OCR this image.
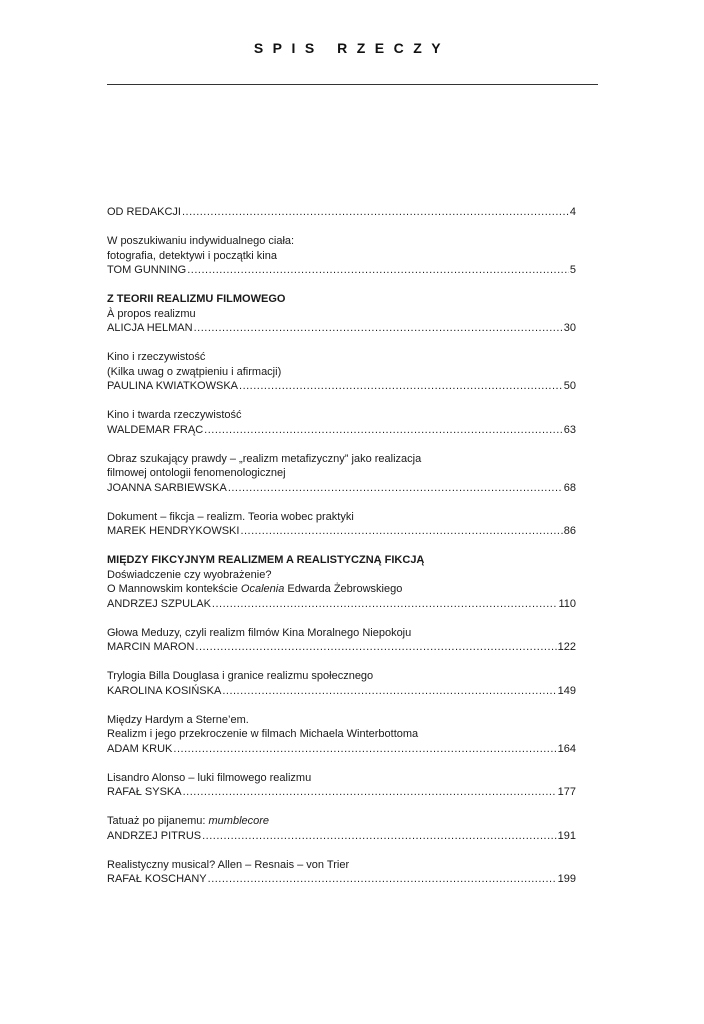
SPIS RZECZY
OD REDAKCJI .....	4
W poszukiwaniu indywidualnego ciała:
fotografia, detektywi i początki kina
TOM GUNNING .....	5
Z TEORII REALIZMU FILMOWEGO
À propos realizmu
ALICJA HELMAN .....	30
Kino i rzeczywistość
(Kilka uwag o zwątpieniu i afirmacji)
PAULINA KWIATKOWSKA .....	50
Kino i twarda rzeczywistość
WALDEMAR FRĄC .....	63
Obraz szukający prawdy – „realizm metafizyczny” jako realizacja
filmowej ontologii fenomenologicznej
JOANNA SARBIEWSKA .....	68
Dokument – fikcja – realizm. Teoria wobec praktyki
MAREK HENDRYKOWSKI .....	86
MIĘDZY FIKCYJNYM REALIZMEM A REALISTYCZNĄ FIKCJĄ
Doświadczenie czy wyobrażenie?
O Mannowskim kontekście Ocalenia Edwarda Żebrowskiego
ANDRZEJ SZPULAK .....	110
Głowa Meduzy, czyli realizm filmów Kina Moralnego Niepokoju
MARCIN MARON .....	122
Trylogia Billa Douglasa i granice realizmu społecznego
KAROLINA KOSIŃSKA .....	149
Między Hardym a Sterne’em.
Realizm i jego przekroczenie w filmach Michaela Winterbottoma
ADAM KRUK .....	164
Lisandro Alonso – luki filmowego realizmu
RAFAŁ SYSKA .....	177
Tatuaż po pijanemu: mumblecore
ANDRZEJ PITRUS .....	191
Realistyczny musical? Allen – Resnais – von Trier
RAFAŁ KOSCHANY .....	199
